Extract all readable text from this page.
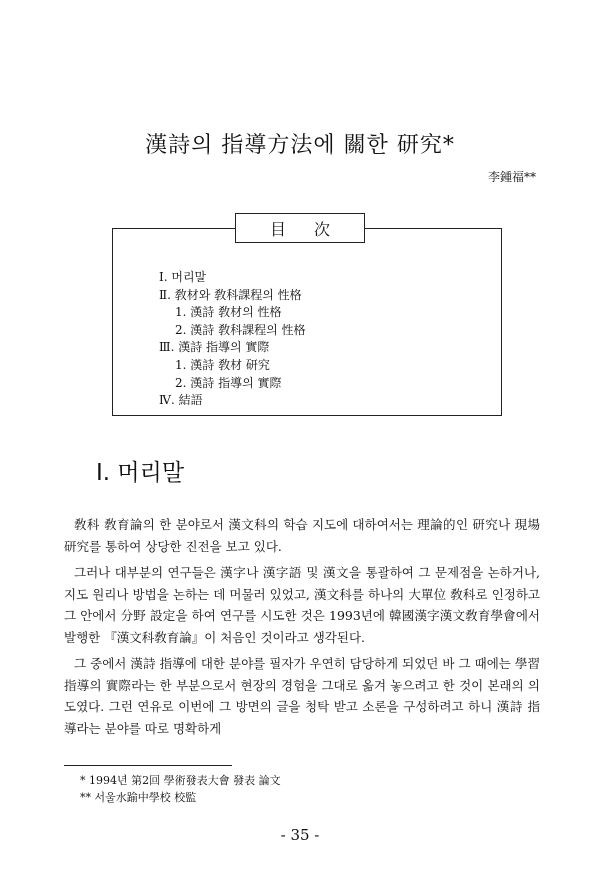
漢詩의 指導方法에 關한 研究*
李鍾福**
目次
Ⅰ. 머리말
Ⅱ. 敎材와 敎科課程의 性格
1. 漢詩 敎材의 性格
2. 漢詩 敎科課程의 性格
Ⅲ. 漢詩 指導의 實際
1. 漢詩 敎材 研究
2. 漢詩 指導의 實際
Ⅳ. 結語
Ⅰ. 머리말

敎科 敎育論의 한 분야로서 漢文科의 학습 지도에 대하여서는 理論的인 研究나 現場研究를 통하여 상당한 진전을 보고 있다.

그러나 대부분의 연구들은 漢字나 漢字語 및 漢文을 통괄하여 그 문제점을 논하거나, 지도 원리나 방법을 논하는 데 머물러 있었고, 漢文科를 하나의 大單位 敎科로 인정하고 그 안에서 分野 設定을 하여 연구를 시도한 것은 1993년에 韓國漢字漢文敎育學會에서 발행한 『漢文科敎育論』이 처음인 것이라고 생각된다.

그 중에서 漢詩 指導에 대한 분야를 필자가 우연히 담당하게 되었던 바 그 때에는 學習指導의 實際라는 한 부분으로서 현장의 경험을 그대로 옮겨 놓으려고 한 것이 본래의 의도였다. 그런 연유로 이번에 그 방면의 글을 청탁 받고 소론을 구성하려고 하니 漢詩 指導라는 분야를 따로 명확하게

* 1994년 第2回 學術發表大會 發表 論文
** 서울水踰中學校 校監
- 35 -
